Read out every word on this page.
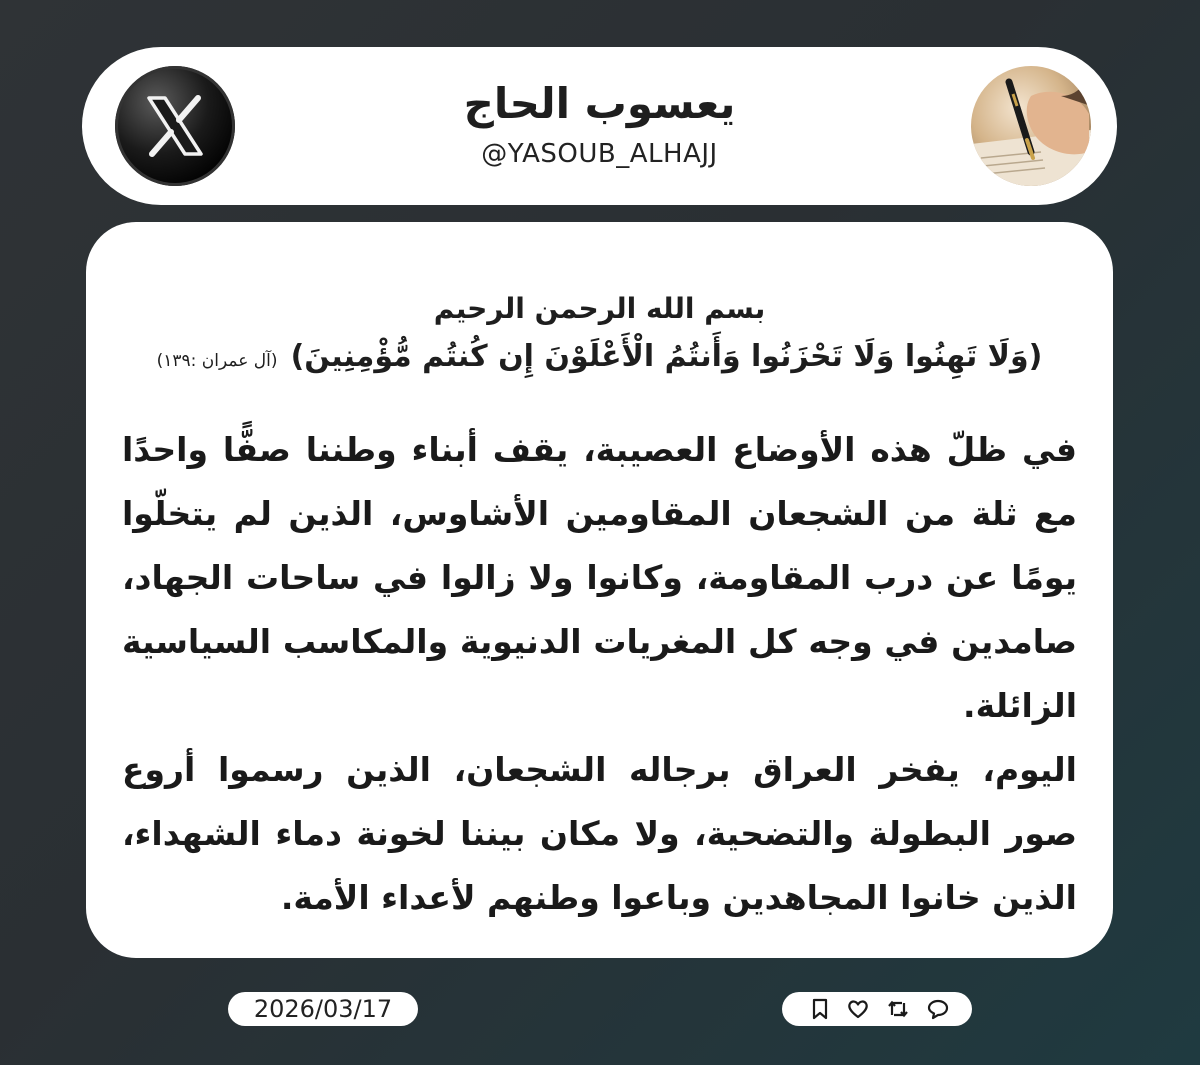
يعسوب الحاج
@YASOUB_ALHAJJ
بسم الله الرحمن الرحيم
(وَلَا تَهِنُوا وَلَا تَحْزَنُوا وَأَنتُمُ الْأَعْلَوْنَ إِن كُنتُم مُّؤْمِنِينَ) (آل عمران :١٣٩)

في ظلّ هذه الأوضاع العصيبة، يقف أبناء وطننا صفًّا واحدًا مع ثلة من الشجعان المقاومين الأشاوس، الذين لم يتخلّوا يومًا عن درب المقاومة، وكانوا ولا زالوا في ساحات الجهاد، صامدين في وجه كل المغريات الدنيوية والمكاسب السياسية الزائلة.

اليوم، يفخر العراق برجاله الشجعان، الذين رسموا أروع صور البطولة والتضحية، ولا مكان بيننا لخونة دماء الشهداء، الذين خانوا المجاهدين وباعوا وطنهم لأعداء الأمة.

2026/03/17
